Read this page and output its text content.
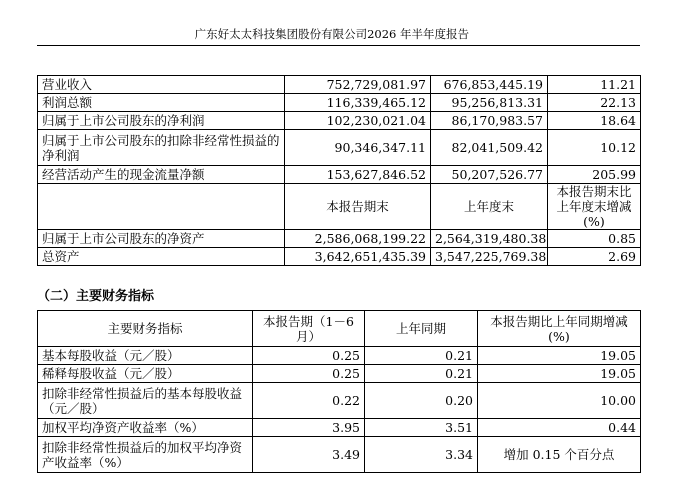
广东好太太科技集团股份有限公司2026 年半年度报告
营业收入	752,729,081.97	676,853,445.19	11.21
利润总额	116,339,465.12	95,256,813.31	22.13
归属于上市公司股东的净利润	102,230,021.04	86,170,983.57	18.64
归属于上市公司股东的扣除非经常性损益的净利润	90,346,347.11	82,041,509.42	10.12
经营活动产生的现金流量净额	153,627,846.52	50,207,526.77	205.99
	本报告期末	上年度末	本报告期末比上年度末增减(%)
归属于上市公司股东的净资产	2,586,068,199.22	2,564,319,480.38	0.85
总资产	3,642,651,435.39	3,547,225,769.38	2.69
（二）主要财务指标
主要财务指标	本报告期（1－6月）	上年同期	本报告期比上年同期增减(%)
基本每股收益（元／股）	0.25	0.21	19.05
稀释每股收益（元／股）	0.25	0.21	19.05
扣除非经常性损益后的基本每股收益（元／股）	0.22	0.20	10.00
加权平均净资产收益率（%）	3.95	3.51	0.44
扣除非经常性损益后的加权平均净资产收益率（%）	3.49	3.34	增加 0.15 个百分点
